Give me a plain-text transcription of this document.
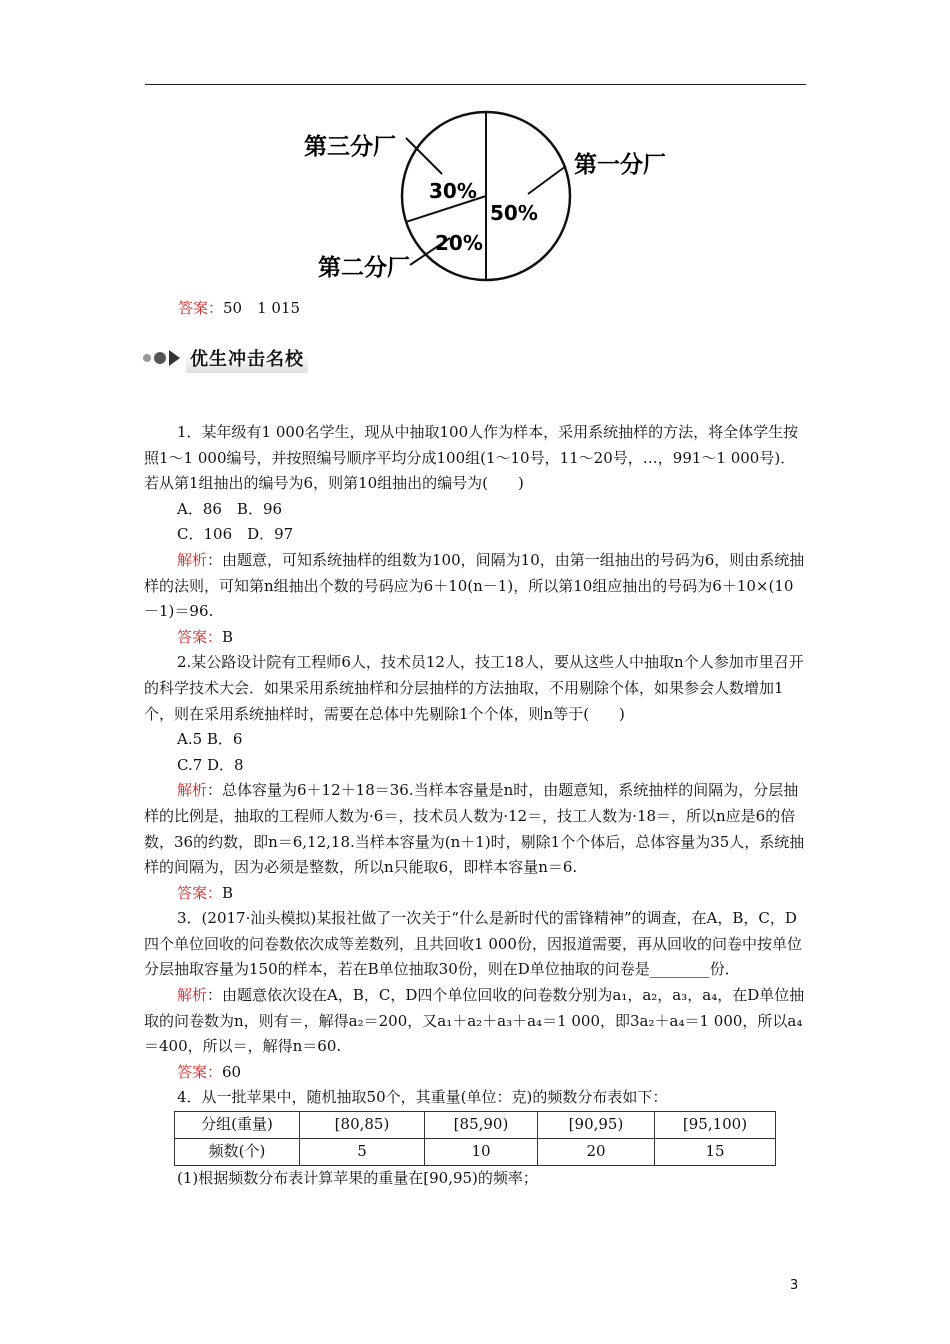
第一分厂
第三分厂
第二分厂
50%
30%
20%
答案：50　1 015
优生冲击名校

1．某年级有1 000名学生，现从中抽取100人作为样本，采用系统抽样的方法，将全体学生按照1～1 000编号，并按照编号顺序平均分成100组(1～10号，11～20号，…，991～1 000号)．若从第1组抽出的编号为6，则第10组抽出的编号为(　　)

A．86　B．96

C．106　D．97

解析：由题意，可知系统抽样的组数为100，间隔为10，由第一组抽出的号码为6，则由系统抽样的法则，可知第n组抽出个数的号码应为6＋10(n－1)，所以第10组应抽出的号码为6＋10×(10－1)＝96.

答案：B

2.某公路设计院有工程师6人，技术员12人，技工18人，要从这些人中抽取n个人参加市里召开的科学技术大会．如果采用系统抽样和分层抽样的方法抽取，不用剔除个体，如果参会人数增加1个，则在采用系统抽样时，需要在总体中先剔除1个个体，则n等于(　　)

A.5 B．6

C.7 D．8

解析：总体容量为6＋12＋18＝36.当样本容量是n时，由题意知，系统抽样的间隔为，分层抽样的比例是，抽取的工程师人数为·6＝，技术员人数为·12＝，技工人数为·18＝，所以n应是6的倍数，36的约数，即n＝6,12,18.当样本容量为(n＋1)时，剔除1个个体后，总体容量为35人，系统抽样的间隔为，因为必须是整数，所以n只能取6，即样本容量n＝6.

答案：B

3．(2017·汕头模拟)某报社做了一次关于“什么是新时代的雷锋精神”的调查，在A，B，C，D四个单位回收的问卷数依次成等差数列，且共回收1 000份，因报道需要，再从回收的问卷中按单位分层抽取容量为150的样本，若在B单位抽取30份，则在D单位抽取的问卷是________份．

解析：由题意依次设在A，B，C，D四个单位回收的问卷数分别为a₁，a₂，a₃，a₄，在D单位抽取的问卷数为n，则有＝，解得a₂＝200，又a₁＋a₂＋a₃＋a₄＝1 000，即3a₂＋a₄＝1 000，所以a₄＝400，所以＝，解得n＝60.

答案：60

4．从一批苹果中，随机抽取50个，其重量(单位：克)的频数分布表如下：

分组(重量)	[80,85)	[85,90)	[90,95)	[95,100)
频数(个)	5	10	20	15

(1)根据频数分布表计算苹果的重量在[90,95)的频率；

3
